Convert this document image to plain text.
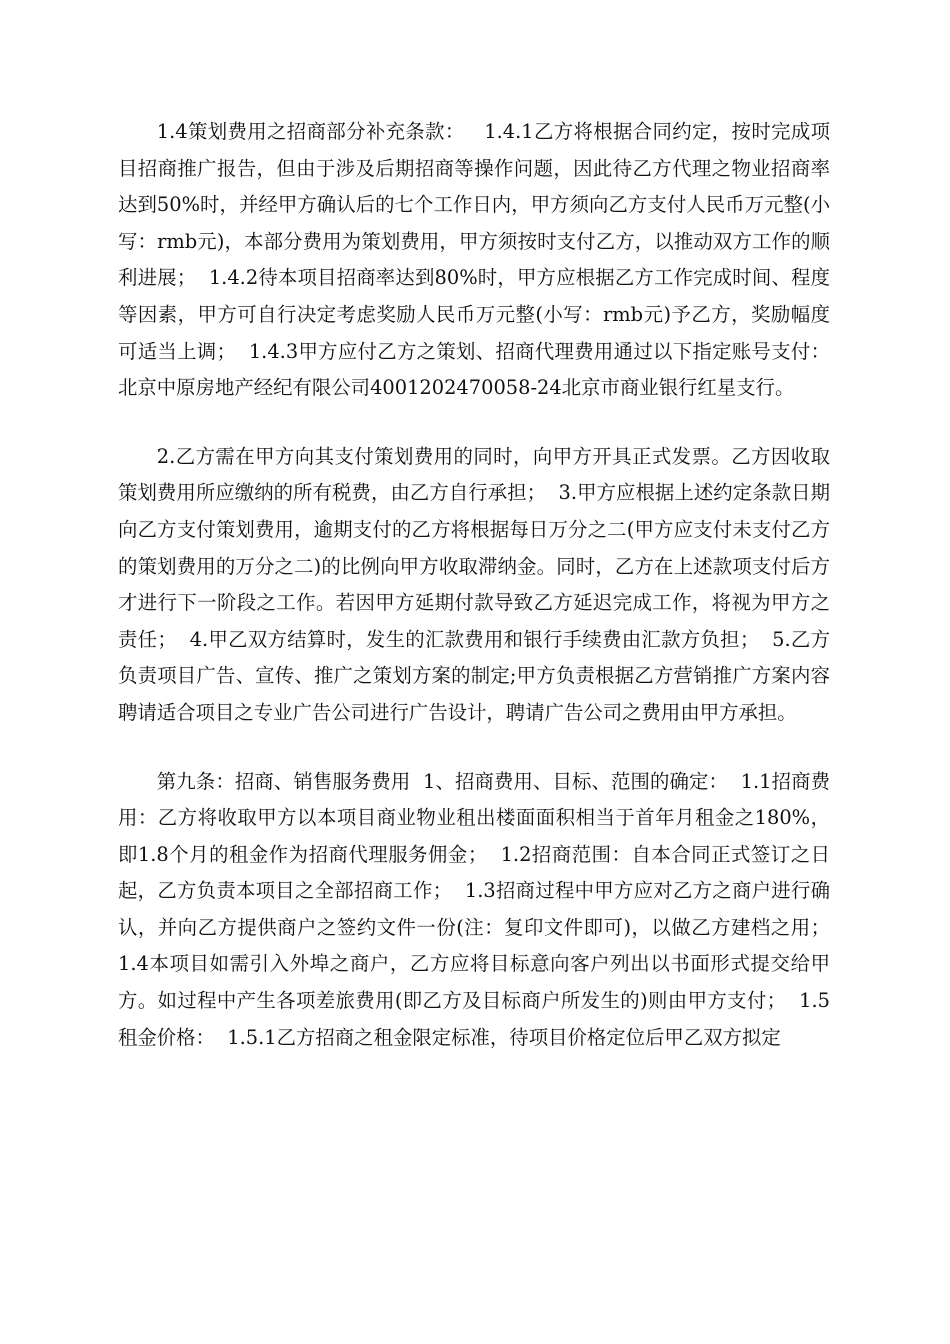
1.4策划费用之招商部分补充条款：   1.4.1乙方将根据合同约定，按时完成项目招商推广报告，但由于涉及后期招商等操作问题，因此待乙方代理之物业招商率达到50%时，并经甲方确认后的七个工作日内，甲方须向乙方支付人民币万元整(小写：rmb元)，本部分费用为策划费用，甲方须按时支付乙方，以推动双方工作的顺利进展；  1.4.2待本项目招商率达到80%时，甲方应根据乙方工作完成时间、程度等因素，甲方可自行决定考虑奖励人民币万元整(小写：rmb元)予乙方，奖励幅度可适当上调；  1.4.3甲方应付乙方之策划、招商代理费用通过以下指定账号支付：北京中原房地产经纪有限公司4001202470058-24北京市商业银行红星支行。

2.乙方需在甲方向其支付策划费用的同时，向甲方开具正式发票。乙方因收取策划费用所应缴纳的所有税费，由乙方自行承担；  3.甲方应根据上述约定条款日期向乙方支付策划费用，逾期支付的乙方将根据每日万分之二(甲方应支付未支付乙方的策划费用的万分之二)的比例向甲方收取滞纳金。同时，乙方在上述款项支付后方才进行下一阶段之工作。若因甲方延期付款导致乙方延迟完成工作，将视为甲方之责任；  4.甲乙双方结算时，发生的汇款费用和银行手续费由汇款方负担；  5.乙方负责项目广告、宣传、推广之策划方案的制定;甲方负责根据乙方营销推广方案内容聘请适合项目之专业广告公司进行广告设计，聘请广告公司之费用由甲方承担。

第九条：招商、销售服务费用  1、招商费用、目标、范围的确定：  1.1招商费用：乙方将收取甲方以本项目商业物业租出楼面面积相当于首年月租金之180%，即1.8个月的租金作为招商代理服务佣金；  1.2招商范围：自本合同正式签订之日起，乙方负责本项目之全部招商工作；  1.3招商过程中甲方应对乙方之商户进行确认，并向乙方提供商户之签约文件一份(注：复印文件即可)，以做乙方建档之用；  1.4本项目如需引入外埠之商户，乙方应将目标意向客户列出以书面形式提交给甲方。如过程中产生各项差旅费用(即乙方及目标商户所发生的)则由甲方支付；  1.5租金价格：  1.5.1乙方招商之租金限定标准，待项目价格定位后甲乙双方拟定
